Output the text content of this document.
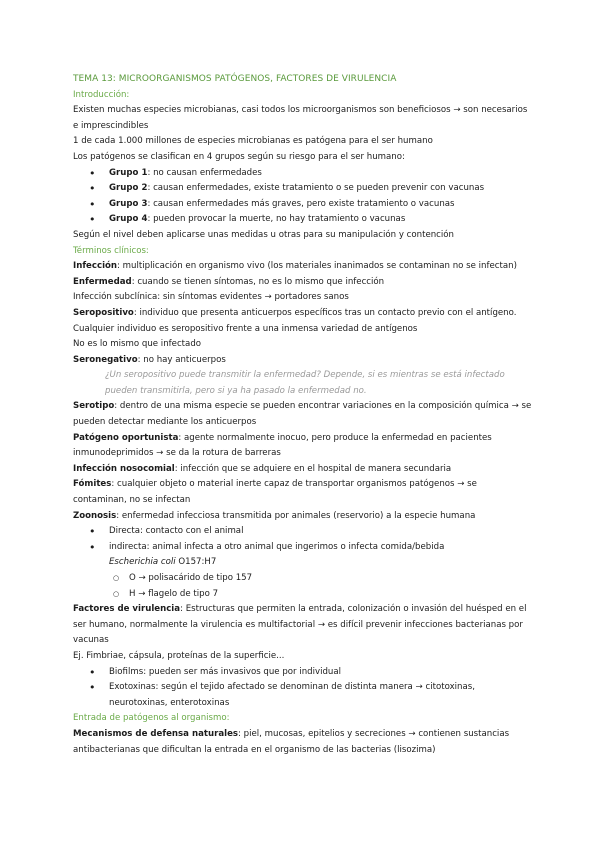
TEMA 13: MICROORGANISMOS PATÓGENOS, FACTORES DE VIRULENCIA

Introducción:

Existen muchas especies microbianas, casi todos los microorganismos son beneficiosos → son necesarios e imprescindibles

1 de cada 1.000 millones de especies microbianas es patógena para el ser humano

Los patógenos se clasifican en 4 grupos según su riesgo para el ser humano:

• Grupo 1: no causan enfermedades
• Grupo 2: causan enfermedades, existe tratamiento o se pueden prevenir con vacunas
• Grupo 3: causan enfermedades más graves, pero existe tratamiento o vacunas
• Grupo 4: pueden provocar la muerte, no hay tratamiento o vacunas

Según el nivel deben aplicarse unas medidas u otras para su manipulación y contención

Términos clínicos:

Infección: multiplicación en organismo vivo (los materiales inanimados se contaminan no se infectan)

Enfermedad: cuando se tienen síntomas, no es lo mismo que infección

Infección subclínica: sin síntomas evidentes → portadores sanos

Seropositivo: individuo que presenta anticuerpos específicos tras un contacto previo con el antígeno.

Cualquier individuo es seropositivo frente a una inmensa variedad de antígenos

No es lo mismo que infectado

Seronegativo: no hay anticuerpos

¿Un seropositivo puede transmitir la enfermedad? Depende, si es mientras se está infectado pueden transmitirla, pero si ya ha pasado la enfermedad no.

Serotipo: dentro de una misma especie se pueden encontrar variaciones en la composición química → se pueden detectar mediante los anticuerpos

Patógeno oportunista: agente normalmente inocuo, pero produce la enfermedad en pacientes inmunodeprimidos → se da la rotura de barreras

Infección nosocomial: infección que se adquiere en el hospital de manera secundaria

Fómites: cualquier objeto o material inerte capaz de transportar organismos patógenos → se contaminan, no se infectan

Zoonosis: enfermedad infecciosa transmitida por animales (reservorio) a la especie humana

• Directa: contacto con el animal
• indirecta: animal infecta a otro animal que ingerimos o infecta comida/bebida

Escherichia coli O157:H7

○ O → polisacárido de tipo 157
○ H → flagelo de tipo 7

Factores de virulencia: Estructuras que permiten la entrada, colonización o invasión del huésped en el ser humano, normalmente la virulencia es multifactorial → es difícil prevenir infecciones bacterianas por vacunas

Ej. Fimbriae, cápsula, proteínas de la superficie...

• Biofilms: pueden ser más invasivos que por individual
• Exotoxinas: según el tejido afectado se denominan de distinta manera → citotoxinas, neurotoxinas, enterotoxinas

Entrada de patógenos al organismo:

Mecanismos de defensa naturales: piel, mucosas, epitelios y secreciones → contienen sustancias antibacterianas que dificultan la entrada en el organismo de las bacterias (lisozima)
